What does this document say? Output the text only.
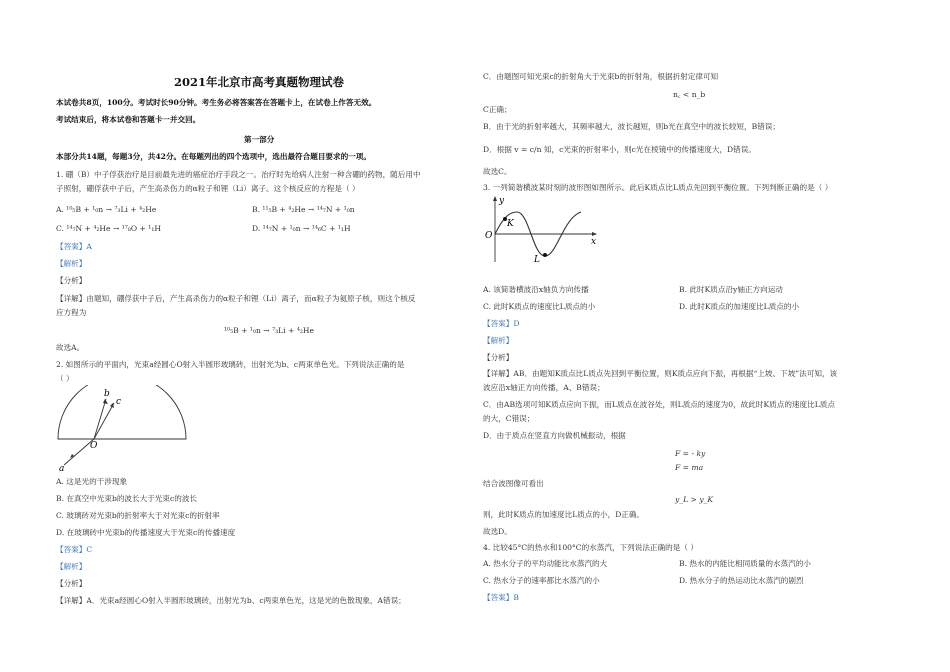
2021年北京市高考真题物理试卷
本试卷共8页，100分。考试时长90分钟。考生务必将答案答在答题卡上，在试卷上作答无效。
考试结束后，将本试卷和答题卡一并交回。
第一部分
本部分共14题，每题3分，共42分。在每题列出的四个选项中，选出最符合题目要求的一项。
1. 硼（B）中子俘获治疗是目前最先进的癌症治疗手段之一。治疗时先给病人注射一种含硼的药物，随后用中
子照射，硼俘获中子后，产生高杀伤力的α粒子和锂（Li）离子。这个核反应的方程是（ ）
A. ¹⁰₅B + ¹₀n → ⁷₃Li + ⁴₂He	B. ¹¹₅B + ⁴₂He → ¹⁴₇N + ¹₀n
C. ¹⁴₇N + ⁴₂He → ¹⁷₈O + ¹₁H	D. ¹⁴₇N + ¹₀n → ¹⁴₆C + ¹₁H
【答案】A
【解析】
【分析】
【详解】由题知，硼俘获中子后，产生高杀伤力的α粒子和锂（Li）离子，而α粒子为氦原子核，则这个核反
应方程为
¹⁰₅B + ¹₀n → ⁷₃Li + ⁴₂He
故选A。
2. 如图所示的平面内，光束a经圆心O射入半圆形玻璃砖，出射光为b、c两束单色光。下列说法正确的是
（ ）
b
c
O
a
A. 这是光的干涉现象
B. 在真空中光束b的波长大于光束c的波长
C. 玻璃砖对光束b的折射率大于对光束c的折射率
D. 在玻璃砖中光束b的传播速度大于光束c的传播速度
【答案】C
【解析】
【分析】
【详解】A．光束a经圆心O射入半圆形玻璃砖，出射光为b、c两束单色光，这是光的色散现象，A错误；
C．由题图可知光束c的折射角大于光束b的折射角，根据折射定律可知
n꜀ < n_b
C正确；
B．由于光的折射率越大，其频率越大，波长越短，则b光在真空中的波长较短，B错误；
D．根据 v = c/n 知，c光束的折射率小，则c光在棱镜中的传播速度大，D错误。
故选C。
3. 一列简谐横波某时刻的波形图如图所示。此后K质点比L质点先回到平衡位置。下列判断正确的是（ ）
y
x
O
K
L
A. 该简谐横波沿x轴负方向传播	B. 此时K质点沿y轴正方向运动
C. 此时K质点的速度比L质点的小	D. 此时K质点的加速度比L质点的小
【答案】D
【解析】
【分析】
【详解】AB．由题知K质点比L质点先回到平衡位置，则K质点应向下振，再根据“上坡、下坡”法可知，该
波应沿x轴正方向传播，A、B错误；
C．由AB选项可知K质点应向下振，而L质点在波谷处，则L质点的速度为0，故此时K质点的速度比L质点
的大，C错误；
D．由于质点在竖直方向做机械振动，根据
F = - ky
F = ma
结合波图像可看出
y_L > y_K
则，此时K质点的加速度比L质点的小，D正确。
故选D。
4. 比较45°C的热水和100°C的水蒸汽，下列说法正确的是（ ）
A. 热水分子的平均动能比水蒸汽的大	B. 热水的内能比相同质量的水蒸汽的小
C. 热水分子的速率都比水蒸汽的小	D. 热水分子的热运动比水蒸汽的剧烈
【答案】B
